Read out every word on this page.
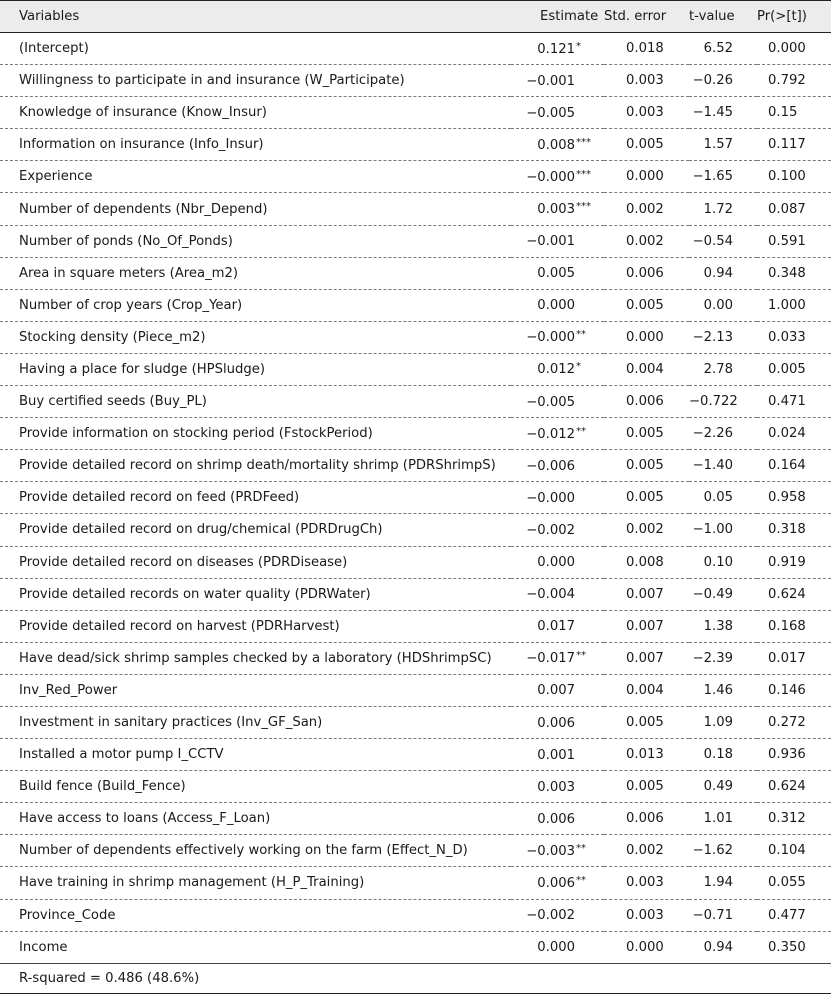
Variables	Estimate	Std. error	t-value	Pr(>[t])
(Intercept)	0.121*	0.018	6.52	0.000
Willingness to participate in and insurance (W_Participate)	−0.001	0.003	−0.26	0.792
Knowledge of insurance (Know_Insur)	−0.005	0.003	−1.45	0.15
Information on insurance (Info_Insur)	0.008***	0.005	1.57	0.117
Experience	−0.000***	0.000	−1.65	0.100
Number of dependents (Nbr_Depend)	0.003***	0.002	1.72	0.087
Number of ponds (No_Of_Ponds)	−0.001	0.002	−0.54	0.591
Area in square meters (Area_m2)	0.005	0.006	0.94	0.348
Number of crop years (Crop_Year)	0.000	0.005	0.00	1.000
Stocking density (Piece_m2)	−0.000**	0.000	−2.13	0.033
Having a place for sludge (HPSludge)	0.012*	0.004	2.78	0.005
Buy certified seeds (Buy_PL)	−0.005	0.006	−0.722	0.471
Provide information on stocking period (FstockPeriod)	−0.012**	0.005	−2.26	0.024
Provide detailed record on shrimp death/mortality shrimp (PDRShrimpS)	−0.006	0.005	−1.40	0.164
Provide detailed record on feed (PRDFeed)	−0.000	0.005	0.05	0.958
Provide detailed record on drug/chemical (PDRDrugCh)	−0.002	0.002	−1.00	0.318
Provide detailed record on diseases (PDRDisease)	0.000	0.008	0.10	0.919
Provide detailed records on water quality (PDRWater)	−0.004	0.007	−0.49	0.624
Provide detailed record on harvest (PDRHarvest)	0.017	0.007	1.38	0.168
Have dead/sick shrimp samples checked by a laboratory (HDShrimpSC)	−0.017**	0.007	−2.39	0.017
Inv_Red_Power	0.007	0.004	1.46	0.146
Investment in sanitary practices (Inv_GF_San)	0.006	0.005	1.09	0.272
Installed a motor pump I_CCTV	0.001	0.013	0.18	0.936
Build fence (Build_Fence)	0.003	0.005	0.49	0.624
Have access to loans (Access_F_Loan)	0.006	0.006	1.01	0.312
Number of dependents effectively working on the farm (Effect_N_D)	−0.003**	0.002	−1.62	0.104
Have training in shrimp management (H_P_Training)	0.006**	0.003	1.94	0.055
Province_Code	−0.002	0.003	−0.71	0.477
Income	0.000	0.000	0.94	0.350
R-squared = 0.486 (48.6%)				
